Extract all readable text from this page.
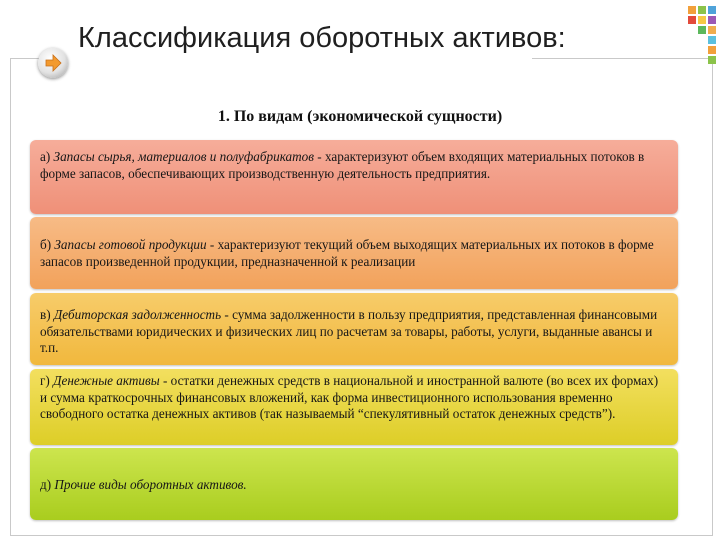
Классификация оборотных активов:

1. По видам (экономической сущности)

а) Запасы сырья, материалов и полуфабрикатов - характеризуют объем входящих материальных потоков в форме запасов, обеспечивающих производственную деятельность предприятия.
б) Запасы готовой продукции - характеризуют текущий объем выходящих материальных их потоков в форме запасов произведенной продукции, предназначенной к реализации
в) Дебиторская задолженность - сумма задолженности в пользу предприятия, представленная финансовыми обязательствами юридических и физических лиц по расчетам за товары, работы, услуги, выданные авансы и т.п.
г) Денежные активы - остатки денежных средств в национальной и иностранной валюте (во всех их формах) и сумма краткосрочных финансовых вложений, как форма инвестиционного использования временно свободного остатка денежных активов (так называемый “спекулятивный остаток денежных средств”).
д) Прочие виды оборотных активов.
